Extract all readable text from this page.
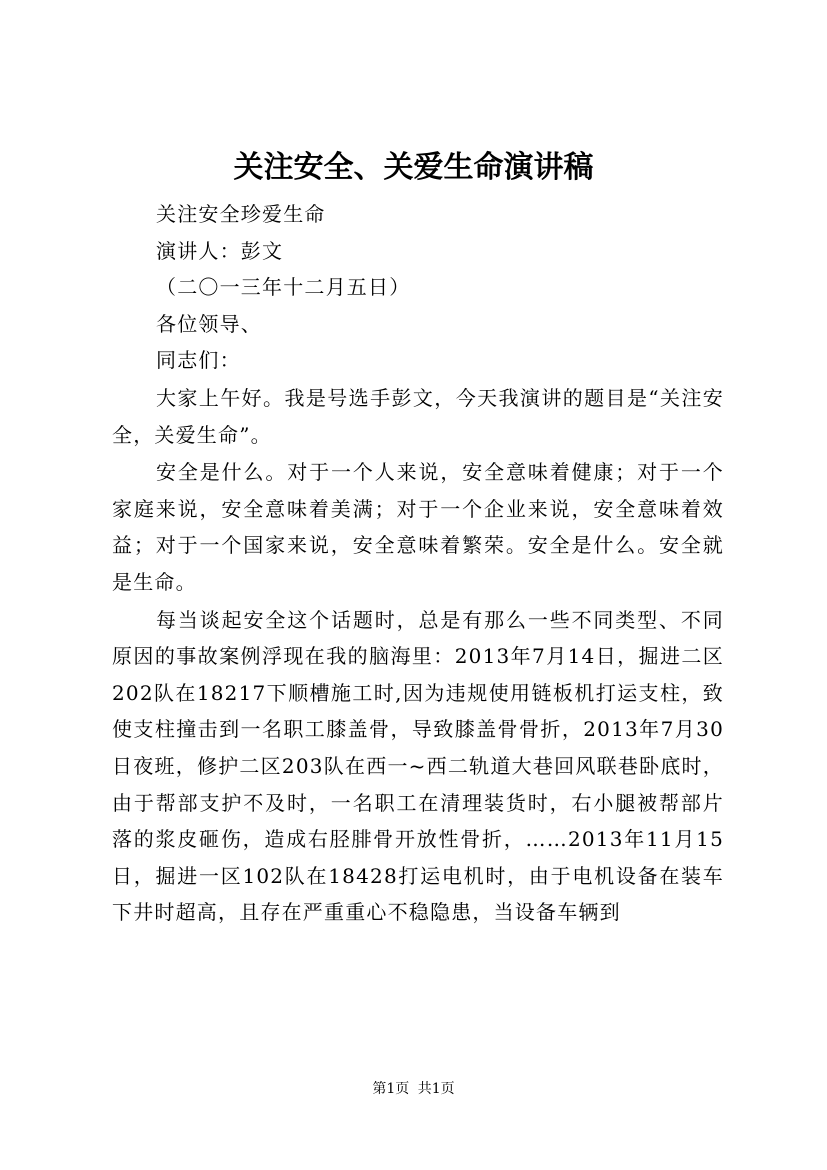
关注安全、关爱生命演讲稿

关注安全珍爱生命

演讲人：彭文

（二〇一三年十二月五日）

各位领导、

同志们：

大家上午好。我是号选手彭文，今天我演讲的题目是“关注安全，关爱生命”。

安全是什么。对于一个人来说，安全意味着健康；对于一个家庭来说，安全意味着美满；对于一个企业来说，安全意味着效益；对于一个国家来说，安全意味着繁荣。安全是什么。安全就是生命。

每当谈起安全这个话题时，总是有那么一些不同类型、不同原因的事故案例浮现在我的脑海里：2013年7月14日，掘进二区202队在18217下顺槽施工时,因为违规使用链板机打运支柱，致使支柱撞击到一名职工膝盖骨，导致膝盖骨骨折，2013年7月30日夜班，修护二区203队在西一~西二轨道大巷回风联巷卧底时，由于帮部支护不及时，一名职工在清理装货时，右小腿被帮部片落的浆皮砸伤，造成右胫腓骨开放性骨折，……2013年11月15日，掘进一区102队在18428打运电机时，由于电机设备在装车下井时超高，且存在严重重心不稳隐患，当设备车辆到

第1页 共1页
